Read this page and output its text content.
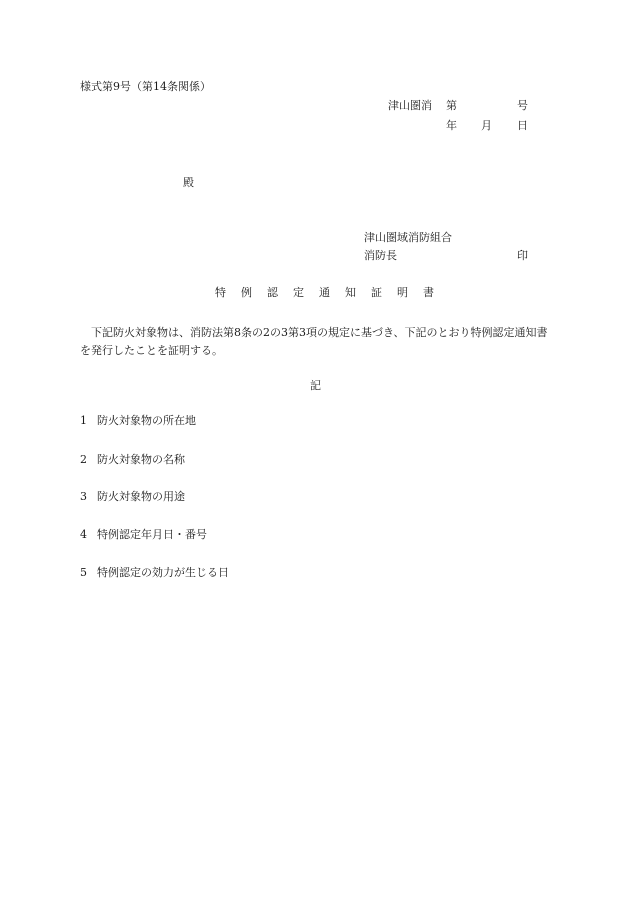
様式第9号（第14条関係）
津山圏消 第	号
年 月 日
殿
津山圏域消防組合
消防長	印
特 例 認 定 通 知 証 明 書
下記防火対象物は、消防法第8条の2の3第3項の規定に基づき、下記のとおり特例認定通知書を発行したことを証明する。
記
1 防火対象物の所在地
2 防火対象物の名称
3 防火対象物の用途
4 特例認定年月日・番号
5 特例認定の効力が生じる日
